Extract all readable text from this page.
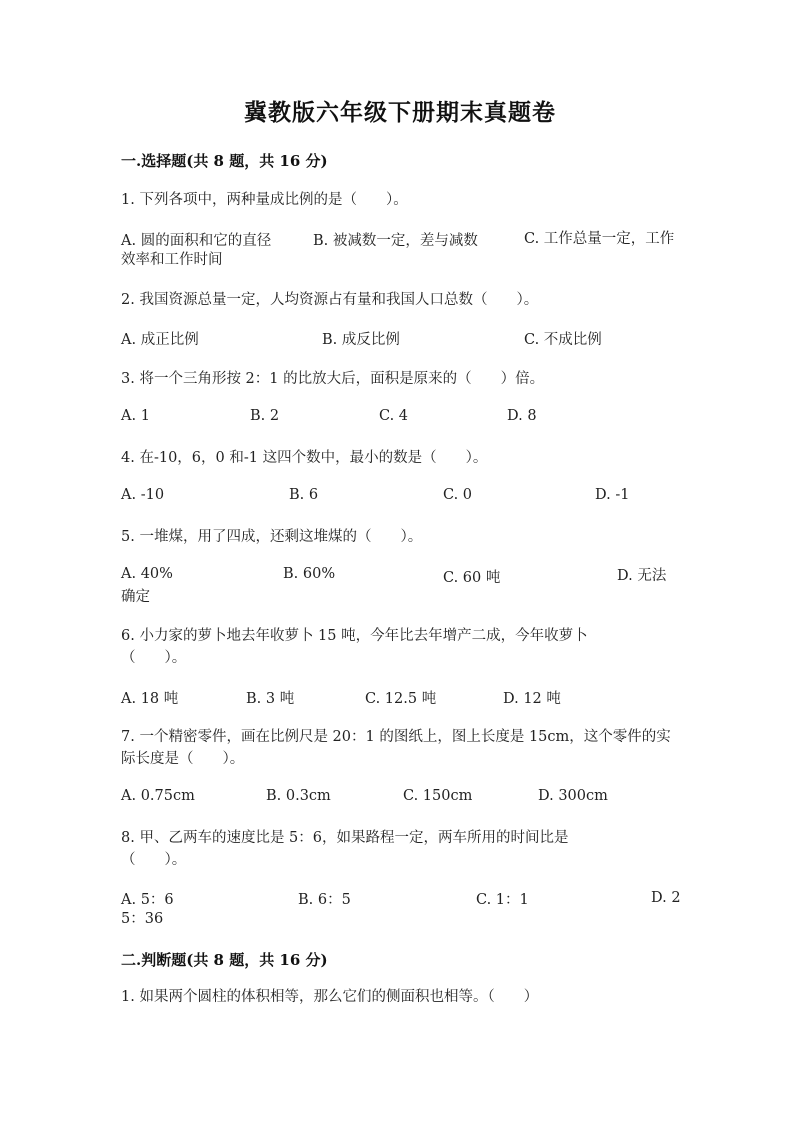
冀教版六年级下册期末真题卷
一.选择题(共 8 题，共 16 分)
1. 下列各项中，两种量成比例的是（　　）。
A. 圆的面积和它的直径	B. 被减数一定，差与减数	C. 工作总量一定，工作效率和工作时间
2. 我国资源总量一定，人均资源占有量和我国人口总数（　　）。
A. 成正比例	B. 成反比例	C. 不成比例
3. 将一个三角形按 2：1 的比放大后，面积是原来的（　　）倍。
A. 1	B. 2	C. 4	D. 8
4. 在-10，6，0 和-1 这四个数中，最小的数是（　　）。
A. -10	B. 6	C. 0	D. -1
5. 一堆煤，用了四成，还剩这堆煤的（　　）。
A. 40%	B. 60%	C. 60 吨	D. 无法确定
6. 小力家的萝卜地去年收萝卜 15 吨，今年比去年增产二成，今年收萝卜（　　）。
A. 18 吨	B. 3 吨	C. 12.5 吨	D. 12 吨
7. 一个精密零件，画在比例尺是 20：1 的图纸上，图上长度是 15cm，这个零件的实际长度是（　　）。
A. 0.75cm	B. 0.3cm	C. 150cm	D. 300cm
8. 甲、乙两车的速度比是 5：6，如果路程一定，两车所用的时间比是（　　）。
A. 5：6	B. 6：5	C. 1：1	D. 25：36
二.判断题(共 8 题，共 16 分)
1. 如果两个圆柱的体积相等，那么它们的侧面积也相等。（　　）
